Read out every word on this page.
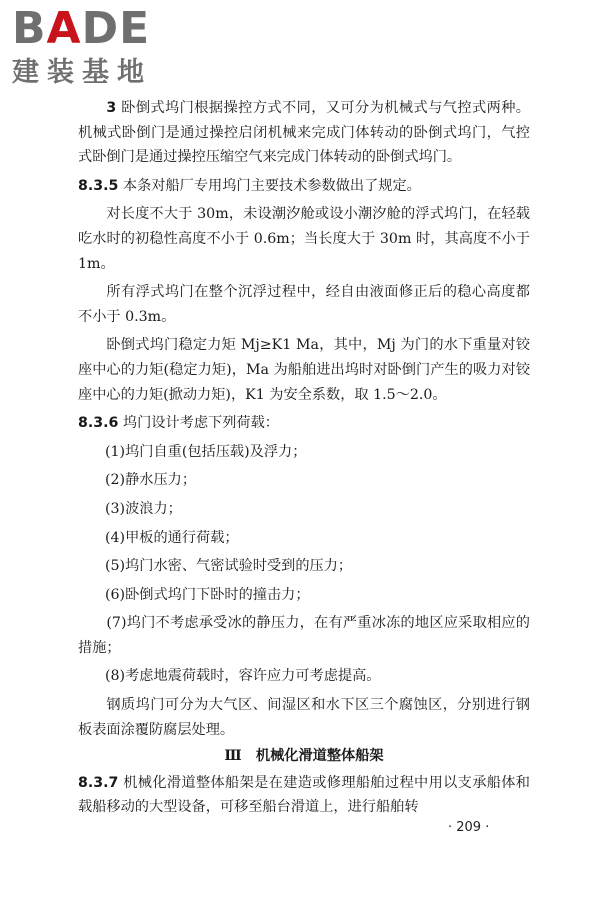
BADE
建装基地

3 卧倒式坞门根据操控方式不同，又可分为机械式与气控式两种。机械式卧倒门是通过操控启闭机械来完成门体转动的卧倒式坞门，气控式卧倒门是通过操控压缩空气来完成门体转动的卧倒式坞门。

8.3.5 本条对船厂专用坞门主要技术参数做出了规定。

对长度不大于 30m，未设潮汐舱或设小潮汐舱的浮式坞门，在轻载吃水时的初稳性高度不小于 0.6m；当长度大于 30m 时，其高度不小于 1m。

所有浮式坞门在整个沉浮过程中，经自由液面修正后的稳心高度都不小于 0.3m。

卧倒式坞门稳定力矩 Mj≥K1 Ma，其中，Mj 为门的水下重量对铰座中心的力矩(稳定力矩)，Ma 为船舶进出坞时对卧倒门产生的吸力对铰座中心的力矩(掀动力矩)，K1 为安全系数，取 1.5～2.0。

8.3.6 坞门设计考虑下列荷载：

(1)坞门自重(包括压载)及浮力；

(2)静水压力；

(3)波浪力；

(4)甲板的通行荷载；

(5)坞门水密、气密试验时受到的压力；

(6)卧倒式坞门下卧时的撞击力；

(7)坞门不考虑承受冰的静压力，在有严重冰冻的地区应采取相应的措施；

(8)考虑地震荷载时，容许应力可考虑提高。

钢质坞门可分为大气区、间湿区和水下区三个腐蚀区，分别进行钢板表面涂覆防腐层处理。

Ⅲ　机械化滑道整体船架

8.3.7 机械化滑道整体船架是在建造或修理船舶过程中用以支承船体和载船移动的大型设备，可移至船台滑道上，进行船舶转

· 209 ·
